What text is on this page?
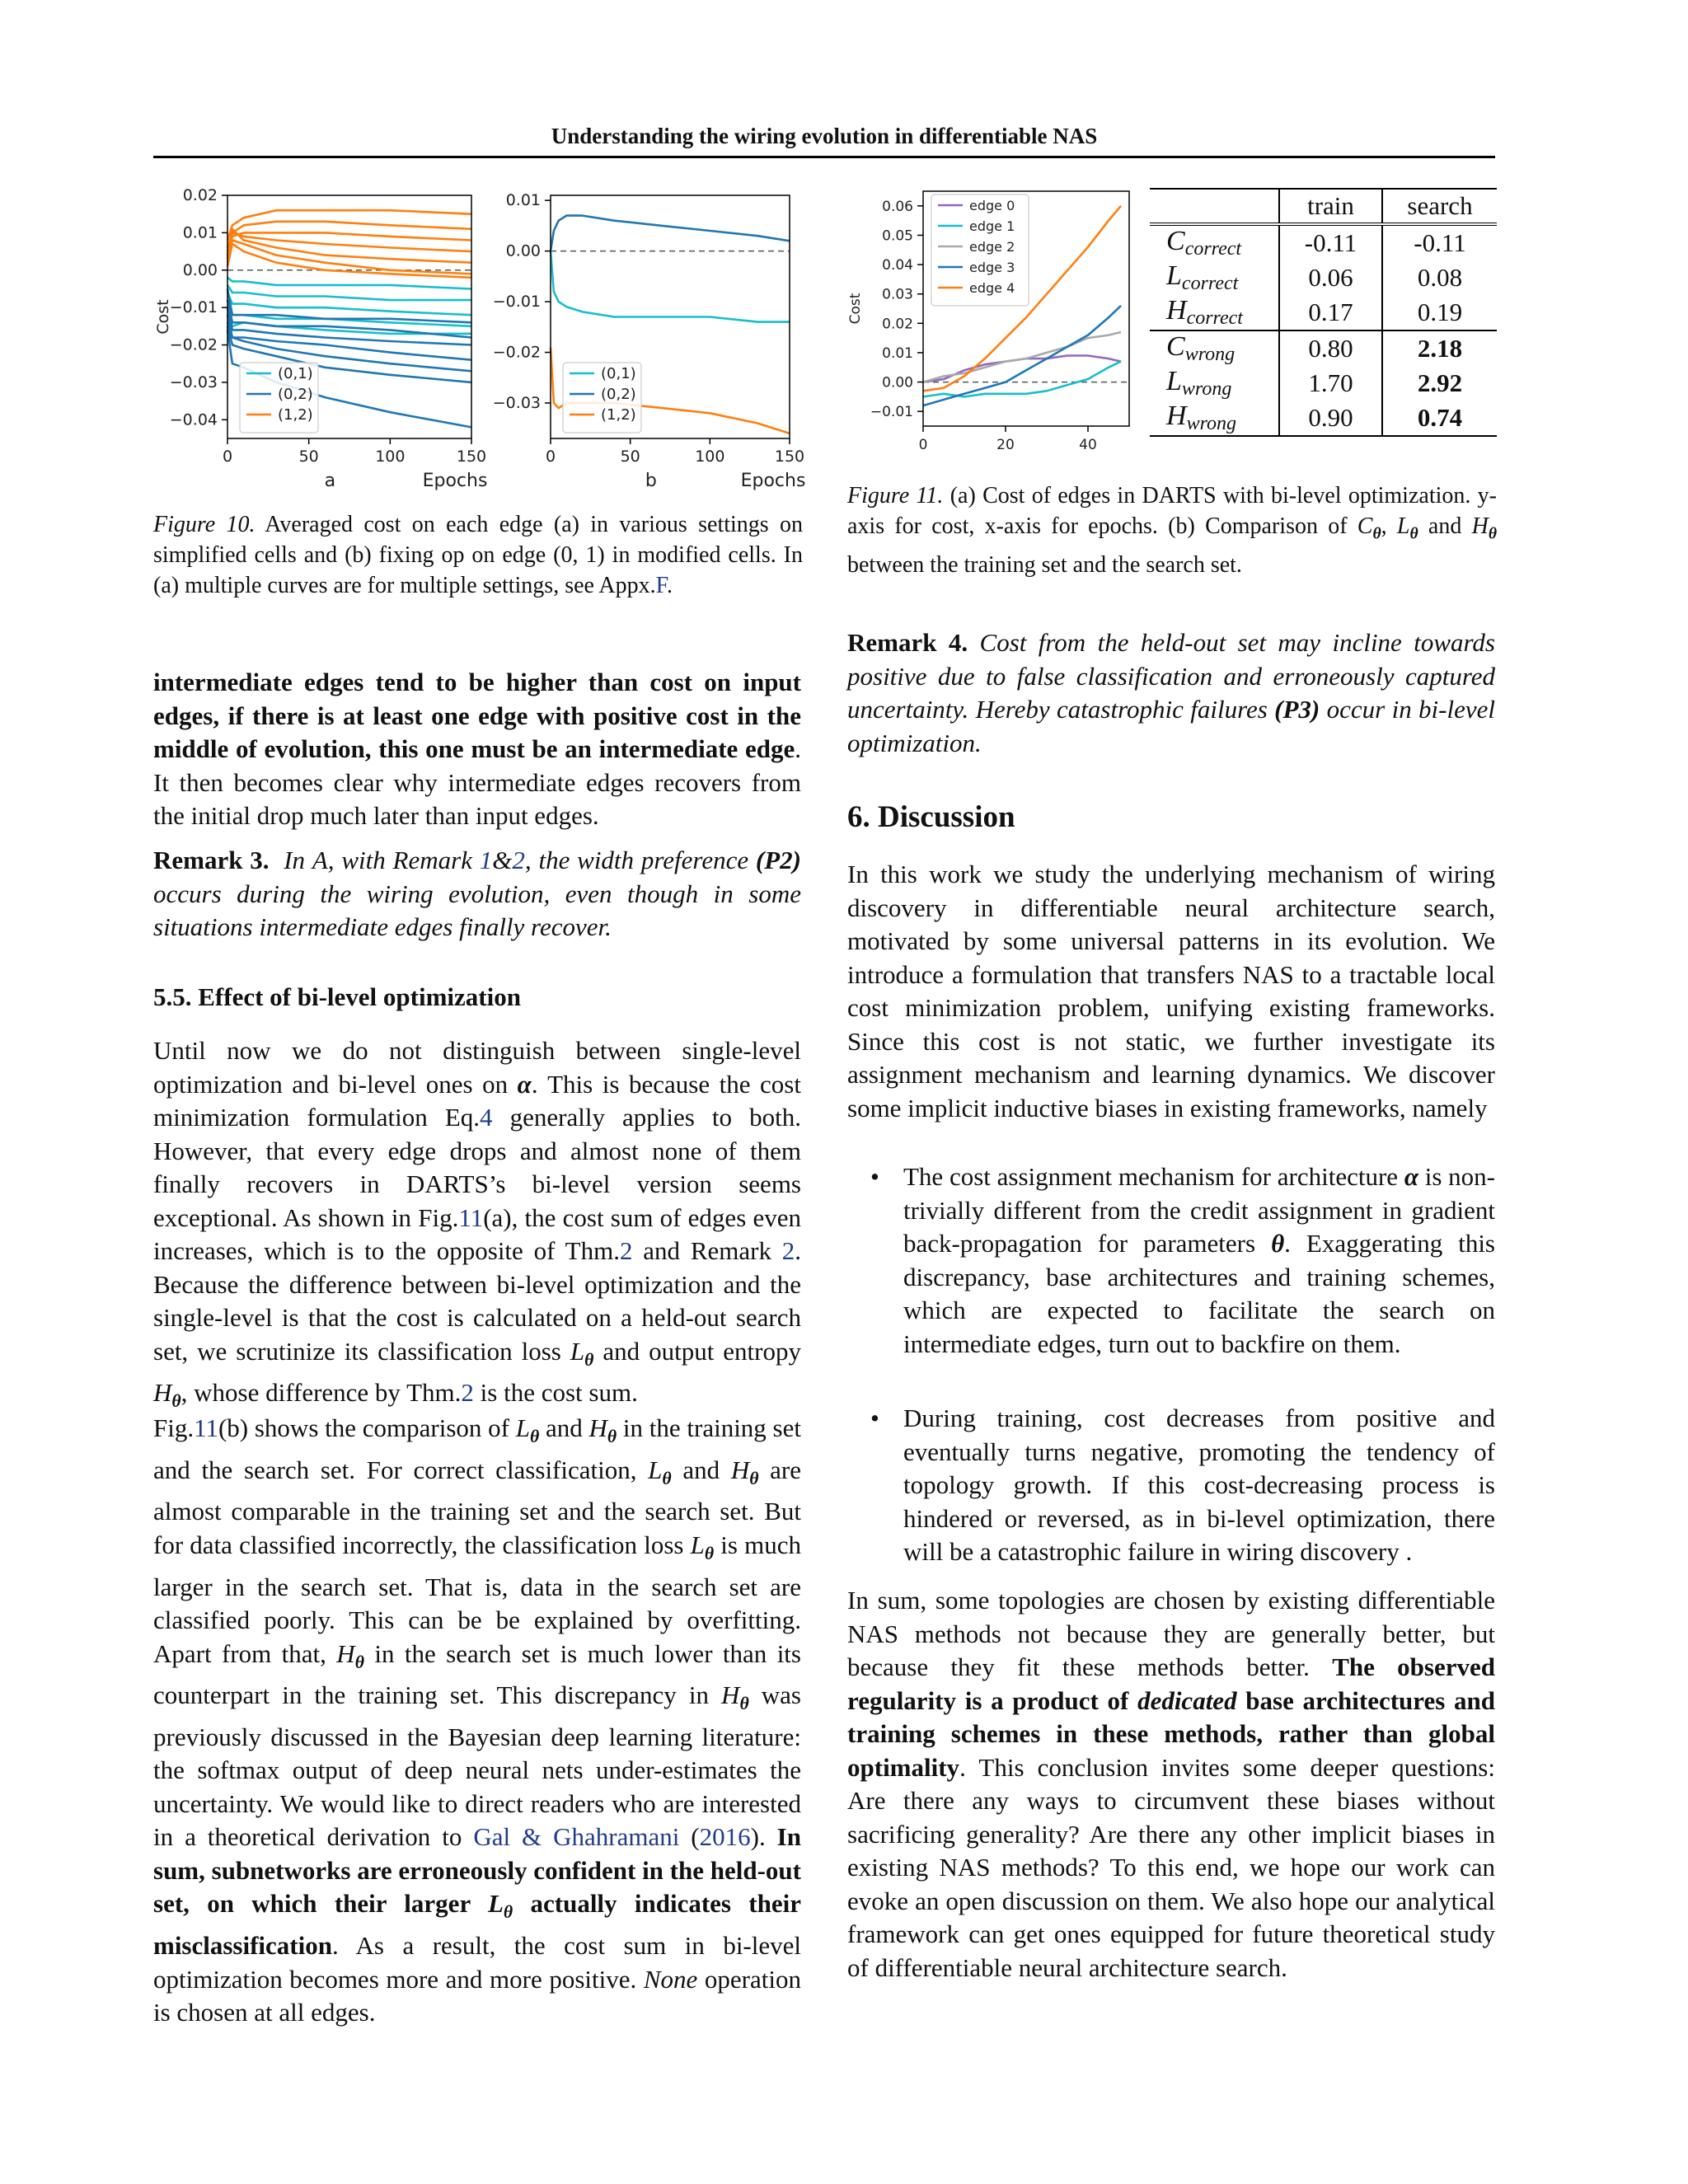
Understanding the wiring evolution in differentiable NAS
0.02
0.01
0.00
−0.01
−0.02
−0.03
−0.04
0	50	100	150
a	Epochs
Cost
(0,1)
(0,2)
(1,2)
0.01
0.00
−0.01
−0.02
−0.03
0	50	100	150
b	Epochs
(0,1)
(0,2)
(1,2)
0.06
0.05
0.04
0.03
0.02
0.01
0.00
−0.01
0	20	40
Cost
edge 0
edge 1
edge 2
edge 3
edge 4
	train	search
$C_{correct}$	-0.11	-0.11
$L_{correct}$	0.06	0.08
$H_{correct}$	0.17	0.19
$C_{wrong}$	0.80	2.18
$L_{wrong}$	1.70	2.92
$H_{wrong}$	0.90	0.74
Figure 10. Averaged cost on each edge (a) in various settings on simplified cells and (b) fixing op on edge (0, 1) in modified cells. In (a) multiple curves are for multiple settings, see Appx.F.
Figure 11. (a) Cost of edges in DARTS with bi-level optimization. y-axis for cost, x-axis for epochs. (b) Comparison of $C_\theta$, $L_\theta$ and $H_\theta$ between the training set and the search set.
intermediate edges tend to be higher than cost on input edges, if there is at least one edge with positive cost in the middle of evolution, this one must be an intermediate edge. It then becomes clear why intermediate edges recovers from the initial drop much later than input edges.
Remark 3. In A, with Remark 1&2, the width preference (P2) occurs during the wiring evolution, even though in some situations intermediate edges finally recover.
5.5. Effect of bi-level optimization
Until now we do not distinguish between single-level optimization and bi-level ones on α. This is because the cost minimization formulation Eq.4 generally applies to both. However, that every edge drops and almost none of them finally recovers in DARTS’s bi-level version seems exceptional. As shown in Fig.11(a), the cost sum of edges even increases, which is to the opposite of Thm.2 and Remark 2. Because the difference between bi-level optimization and the single-level is that the cost is calculated on a held-out search set, we scrutinize its classification loss $L_\theta$ and output entropy $H_\theta$, whose difference by Thm.2 is the cost sum.
Fig.11(b) shows the comparison of $L_\theta$ and $H_\theta$ in the training set and the search set. For correct classification, $L_\theta$ and $H_\theta$ are almost comparable in the training set and the search set. But for data classified incorrectly, the classification loss $L_\theta$ is much larger in the search set. That is, data in the search set are classified poorly. This can be be explained by overfitting. Apart from that, $H_\theta$ in the search set is much lower than its counterpart in the training set. This discrepancy in $H_\theta$ was previously discussed in the Bayesian deep learning literature: the softmax output of deep neural nets under-estimates the uncertainty. We would like to direct readers who are interested in a theoretical derivation to Gal & Ghahramani (2016). In sum, subnetworks are erroneously confident in the held-out set, on which their larger $L_\theta$ actually indicates their misclassification. As a result, the cost sum in bi-level optimization becomes more and more positive. None operation is chosen at all edges.
Remark 4. Cost from the held-out set may incline towards positive due to false classification and erroneously captured uncertainty. Hereby catastrophic failures (P3) occur in bi-level optimization.
6. Discussion
In this work we study the underlying mechanism of wiring discovery in differentiable neural architecture search, motivated by some universal patterns in its evolution. We introduce a formulation that transfers NAS to a tractable local cost minimization problem, unifying existing frameworks. Since this cost is not static, we further investigate its assignment mechanism and learning dynamics. We discover some implicit inductive biases in existing frameworks, namely
• The cost assignment mechanism for architecture α is non-trivially different from the credit assignment in gradient back-propagation for parameters θ. Exaggerating this discrepancy, base architectures and training schemes, which are expected to facilitate the search on intermediate edges, turn out to backfire on them.
• During training, cost decreases from positive and eventually turns negative, promoting the tendency of topology growth. If this cost-decreasing process is hindered or reversed, as in bi-level optimization, there will be a catastrophic failure in wiring discovery .
In sum, some topologies are chosen by existing differentiable NAS methods not because they are generally better, but because they fit these methods better. The observed regularity is a product of dedicated base architectures and training schemes in these methods, rather than global optimality. This conclusion invites some deeper questions: Are there any ways to circumvent these biases without sacrificing generality? Are there any other implicit biases in existing NAS methods? To this end, we hope our work can evoke an open discussion on them. We also hope our analytical framework can get ones equipped for future theoretical study of differentiable neural architecture search.
